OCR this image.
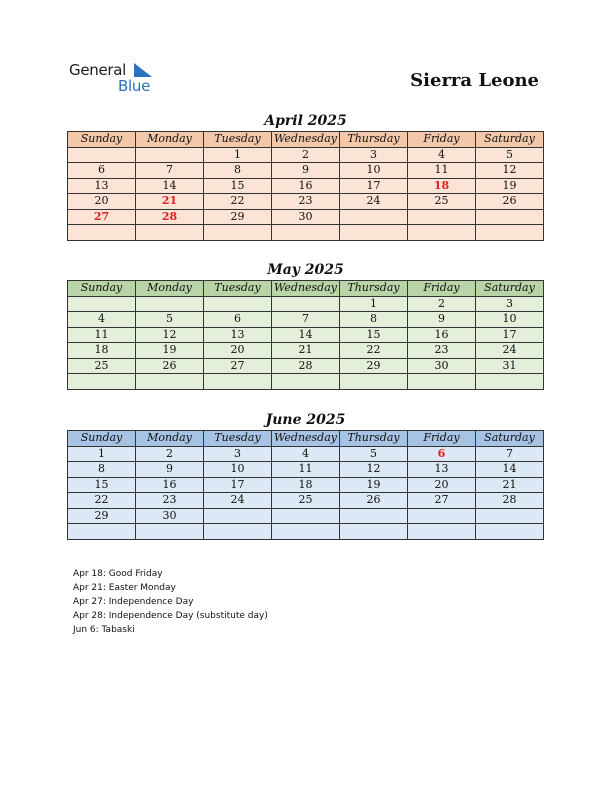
General
Blue	Sierra Leone
April 2025
Sunday	Monday	Tuesday	Wednesday	Thursday	Friday	Saturday
		1	2	3	4	5
6	7	8	9	10	11	12
13	14	15	16	17	18	19
20	21	22	23	24	25	26
27	28	29	30			

May 2025
Sunday	Monday	Tuesday	Wednesday	Thursday	Friday	Saturday
				1	2	3
4	5	6	7	8	9	10
11	12	13	14	15	16	17
18	19	20	21	22	23	24
25	26	27	28	29	30	31

June 2025
Sunday	Monday	Tuesday	Wednesday	Thursday	Friday	Saturday
1	2	3	4	5	6	7
8	9	10	11	12	13	14
15	16	17	18	19	20	21
22	23	24	25	26	27	28
29	30					

Apr 18: Good Friday
Apr 21: Easter Monday
Apr 27: Independence Day
Apr 28: Independence Day (substitute day)
Jun 6: Tabaski
